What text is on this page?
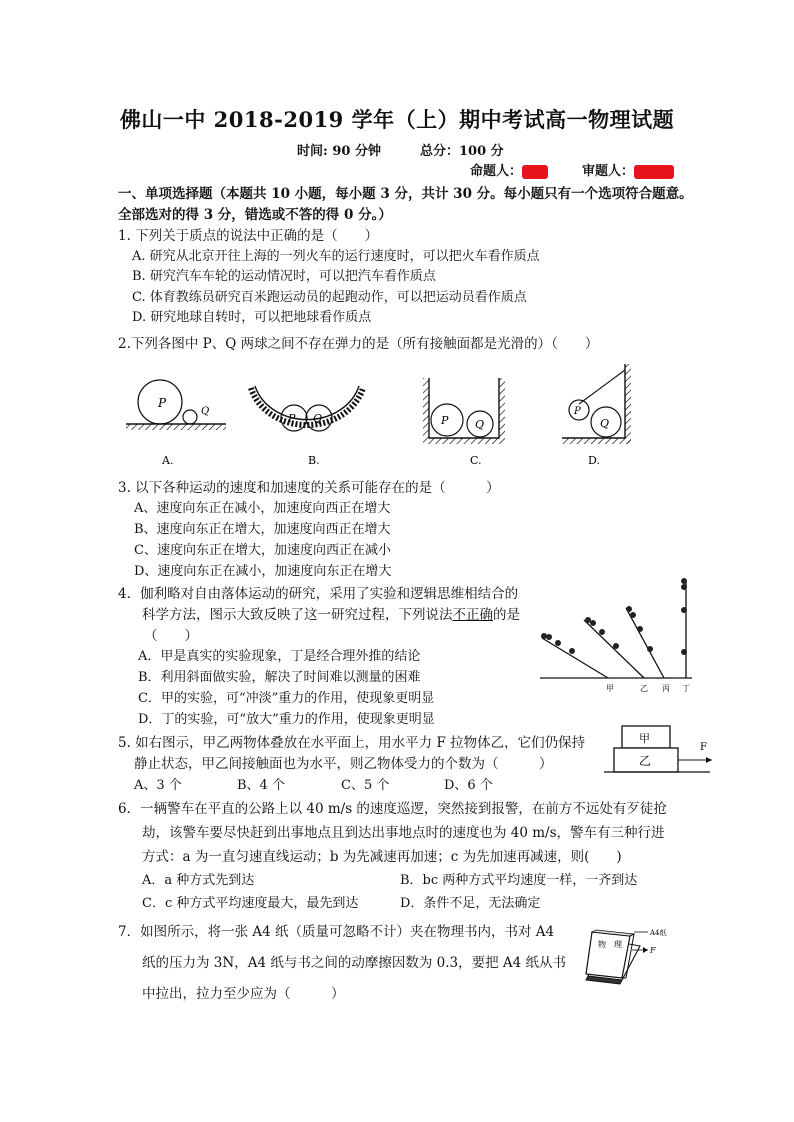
佛山一中 2018-2019 学年（上）期中考试高一物理试题
时间: 90 分钟	总分：100 分
命题人：	审题人：
一、单项选择题（本题共 10 小题，每小题 3 分，共计 30 分。每小题只有一个选项符合题意。
全部选对的得 3 分，错选或不答的得 0 分。）
1. 下列关于质点的说法中正确的是（　　）
A. 研究从北京开往上海的一列火车的运行速度时，可以把火车看作质点
B. 研究汽车车轮的运动情况时，可以把汽车看作质点
C. 体育教练员研究百米跑运动员的起跑动作，可以把运动员看作质点
D. 研究地球自转时，可以把地球看作质点
2.下列各图中 P、Q 两球之间不存在弹力的是（所有接触面都是光滑的）（　　）
P
Q
A.
P Q
B.
P Q
C.
P
Q
D.
3. 以下各种运动的速度和加速度的关系可能存在的是（　　　）
A、速度向东正在减小，加速度向西正在增大
B、速度向东正在增大，加速度向西正在增大
C、速度向东正在增大，加速度向西正在减小
D、速度向东正在减小，加速度向东正在增大
4．伽利略对自由落体运动的研究，采用了实验和逻辑思维相结合的
科学方法，图示大致反映了这一研究过程，下列说法不正确的是
（　　）
A．甲是真实的实验现象，丁是经合理外推的结论
B．利用斜面做实验，解决了时间难以测量的困难
C．甲的实验，可“冲淡”重力的作用，使现象更明显
D．丁的实验，可“放大”重力的作用，使现象更明显
甲	乙 丙 丁
5. 如右图示，甲乙两物体叠放在水平面上，用水平力 F 拉物体乙，它们仍保持
静止状态，甲乙间接触面也为水平，则乙物体受力的个数为（　　　）
A、3 个	B、4 个	C、5 个	D、6 个
甲
乙
F
6．一辆警车在平直的公路上以 40 m/s 的速度巡逻，突然接到报警，在前方不远处有歹徒抢
劫，该警车要尽快赶到出事地点且到达出事地点时的速度也为 40 m/s，警车有三种行进
方式：a 为一直匀速直线运动；b 为先减速再加速；c 为先加速再减速，则(　　)
A．a 种方式先到达	B．bc 两种方式平均速度一样，一齐到达
C．c 种方式平均速度最大，最先到达	D．条件不足，无法确定
7．如图所示，将一张 A4 纸（质量可忽略不计）夹在物理书内，书对 A4
纸的压力为 3N，A4 纸与书之间的动摩擦因数为 0.3，要把 A4 纸从书
中拉出，拉力至少应为（　　　）
物　理
A4纸
F
